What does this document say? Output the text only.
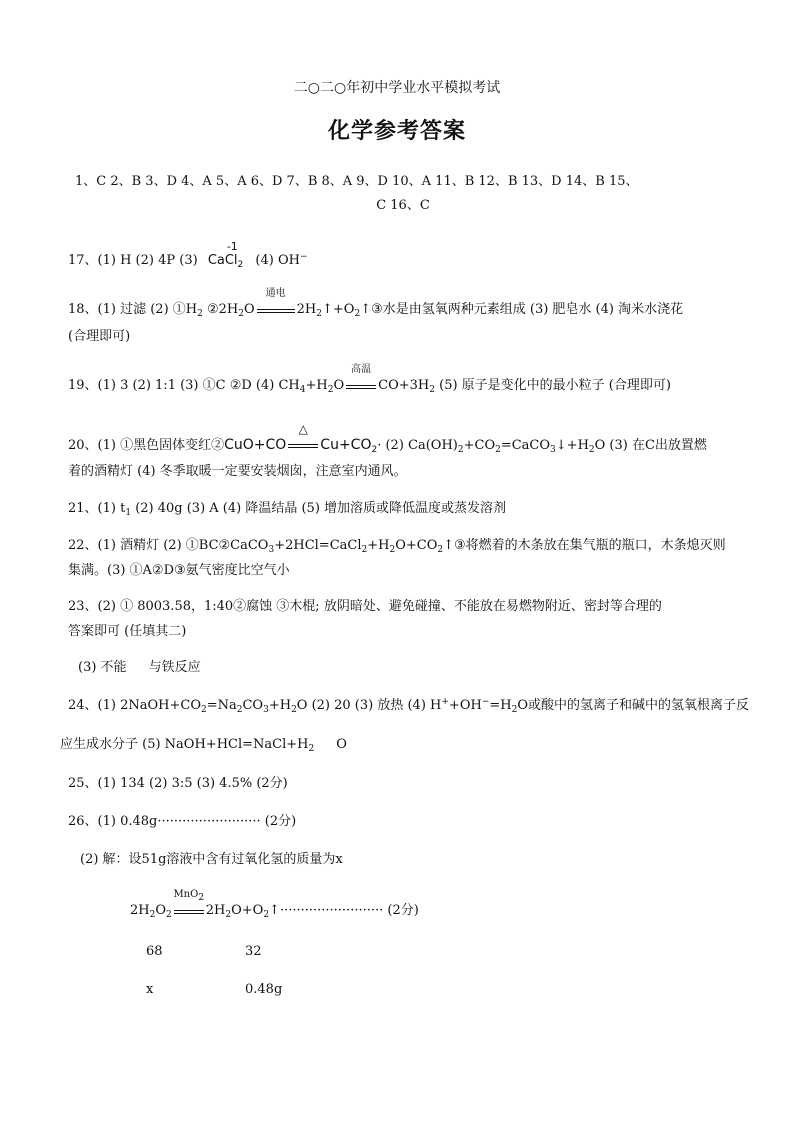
二○二○年初中学业水平模拟考试
化学参考答案
1、C 2、B 3、D 4、A 5、A 6、D 7、B 8、A 9、D 10、A 11、B 12、B 13、D 14、B 15、
C 16、C
17、(1) H (2) 4P (3)
-1
CaCl$_2$ (4) OH−
18、(1) 过滤 (2) $①H_2$ $②2H_2O$
通电
$2H_2↑+O_2↑③$水是由氢氧两种元素组成 (3) 肥皂水 (4) 淘米水浇花
(合理即可)
19、(1) 3 (2) 1:1 (3) ①C ②D (4) $CH_4+H_2O$
高温
$CO+3H_2$ (5) 原子是变化中的最小粒子 (合理即可)
20、(1) ①黑色固体变红②CuO+CO
△
$Cu+CO_2\cdot (2)$ $Ca(OH)_2+CO_2=CaCO_3↓+H_2O$ (3) 在C出放置燃
着的酒精灯 (4) 冬季取暖一定要安装烟囱，注意室内通风。
21、(1) $t_1$ (2) 40g (3) A (4) 降温结晶 (5) 增加溶质或降低温度或蒸发溶剂
22、(1) 酒精灯 (2) $①BC②CaCO_3+2HCl=CaCl_2+H_2O+CO_2↑③$将燃着的木条放在集气瓶的瓶口，木条熄灭则
集满。(3) ①A②D③氨气密度比空气小
23、(2) ① 8003.58，1:40②腐蚀 ③木棍; 放阴暗处、避免碰撞、不能放在易燃物附近、密封等合理的
答案即可 (任填其二)
(3) 不能 与铁反应
24、(1) $2NaOH+CO_2=Na_2CO_3+H_2O$ (2) 20 (3) 放热 (4) $H^++OH^-=H_2O$或酸中的氢离子和碱中的氢氧根离子反
应生成水分子 (5) $NaOH+HCl=NaCl+H_2$ O
25、(1) 134 (2) 3:5 (3) 4.5% (2分)
26、(1) 0.48g························· (2分)
(2) 解：设51g溶液中含有过氧化氢的质量为x
$2H_2O_2$
MnO$_2$
$2H_2O+O_2↑\cdot\cdot\cdot\cdot\cdot\cdot\cdot\cdot\cdot\cdot\cdot\cdot\cdot\cdot\cdot\cdot\cdot\cdot\cdot\cdot\cdot\cdot\cdot\cdot\cdot (2$分)
68	32
x	0.48g
